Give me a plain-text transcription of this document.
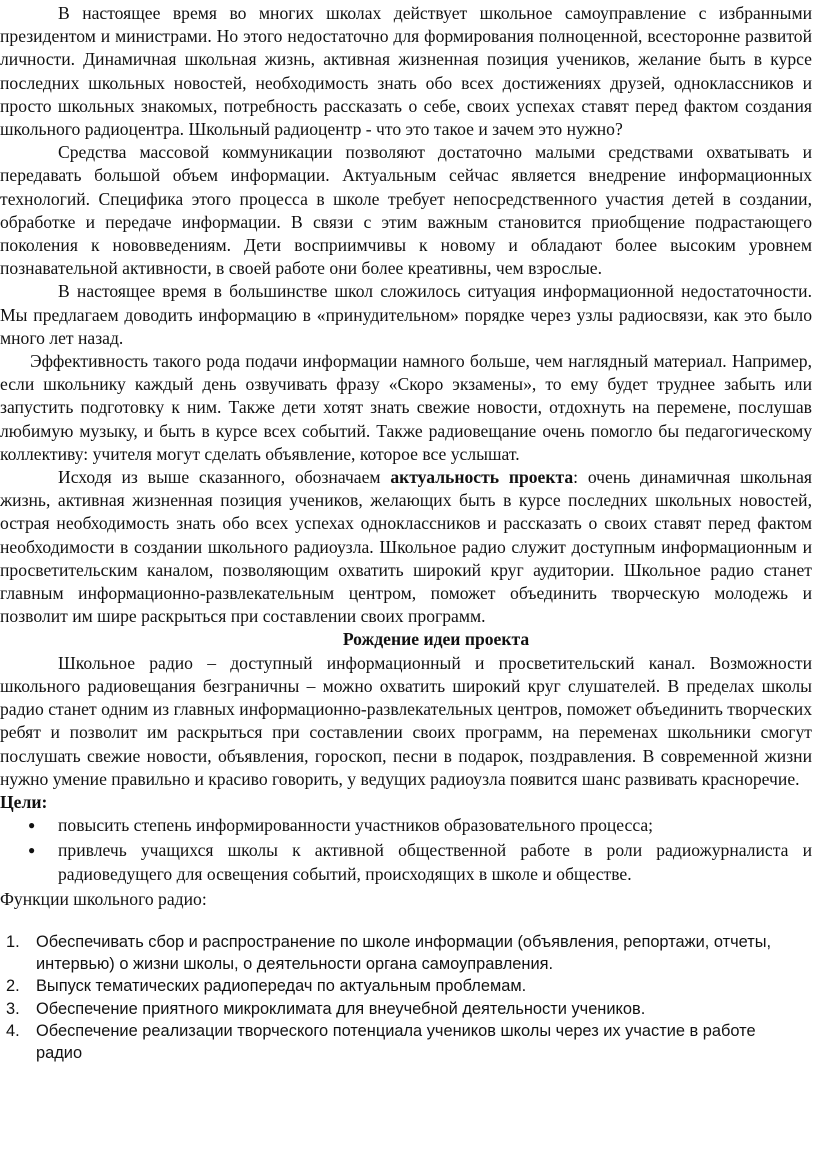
В настоящее время во многих школах действует школьное самоуправление с избранными президентом и министрами. Но этого недостаточно для формирования полноценной, всесторонне развитой личности. Динамичная школьная жизнь, активная жизненная позиция учеников, желание быть в курсе последних школьных новостей, необходимость знать обо всех достижениях друзей, одноклассников и просто школьных знакомых, потребность рассказать о себе, своих успехах ставят перед фактом создания школьного радиоцентра. Школьный радиоцентр - что это такое и зачем это нужно?

Средства массовой коммуникации позволяют достаточно малыми средствами охватывать и передавать большой объем информации. Актуальным сейчас является внедрение информационных технологий. Специфика этого процесса в школе требует непосредственного участия детей в создании, обработке и передаче информации. В связи с этим важным становится приобщение подрастающего поколения к нововведениям. Дети восприимчивы к новому и обладают более высоким уровнем познавательной активности, в своей работе они более креативны, чем взрослые.

В настоящее время в большинстве школ сложилось ситуация информационной недостаточности. Мы предлагаем доводить информацию в «принудительном» порядке через узлы радиосвязи, как это было много лет назад.

Эффективность такого рода подачи информации намного больше, чем наглядный материал. Например, если школьнику каждый день озвучивать фразу «Скоро экзамены», то ему будет труднее забыть или запустить подготовку к ним. Также дети хотят знать свежие новости, отдохнуть на перемене, послушав любимую музыку, и быть в курсе всех событий. Также радиовещание очень помогло бы педагогическому коллективу: учителя могут сделать объявление, которое все услышат.

Исходя из выше сказанного, обозначаем актуальность проекта: очень динамичная школьная жизнь, активная жизненная позиция учеников, желающих быть в курсе последних школьных новостей, острая необходимость знать обо всех успехах одноклассников и рассказать о своих ставят перед фактом необходимости в создании школьного радиоузла. Школьное радио служит доступным информационным и просветительским каналом, позволяющим охватить широкий круг аудитории. Школьное радио станет главным информационно-развлекательным центром, поможет объединить творческую молодежь и позволит им шире раскрыться при составлении своих программ.

Рождение идеи проекта

Школьное радио – доступный информационный и просветительский канал. Возможности школьного радиовещания безграничны – можно охватить широкий круг слушателей. В пределах школы радио станет одним из главных информационно-развлекательных центров, поможет объединить творческих ребят и позволит им раскрыться при составлении своих программ, на переменах школьники смогут послушать свежие новости, объявления, гороскоп, песни в подарок, поздравления. В современной жизни нужно умение правильно и красиво говорить, у ведущих радиоузла появится шанс развивать красноречие.

Цели:
● повысить степень информированности участников образовательного процесса;
● привлечь учащихся школы к активной общественной работе в роли радиожурналиста и радиоведущего для освещения событий, происходящих в школе и обществе.
Функции школьного радио:
1. Обеспечивать сбор и распространение по школе информации (объявления, репортажи, отчеты, интервью) о жизни школы, о деятельности органа самоуправления.
2. Выпуск тематических радиопередач по актуальным проблемам.
3. Обеспечение приятного микроклимата для внеучебной деятельности учеников.
4. Обеспечение реализации творческого потенциала учеников школы через их участие в работе радио
